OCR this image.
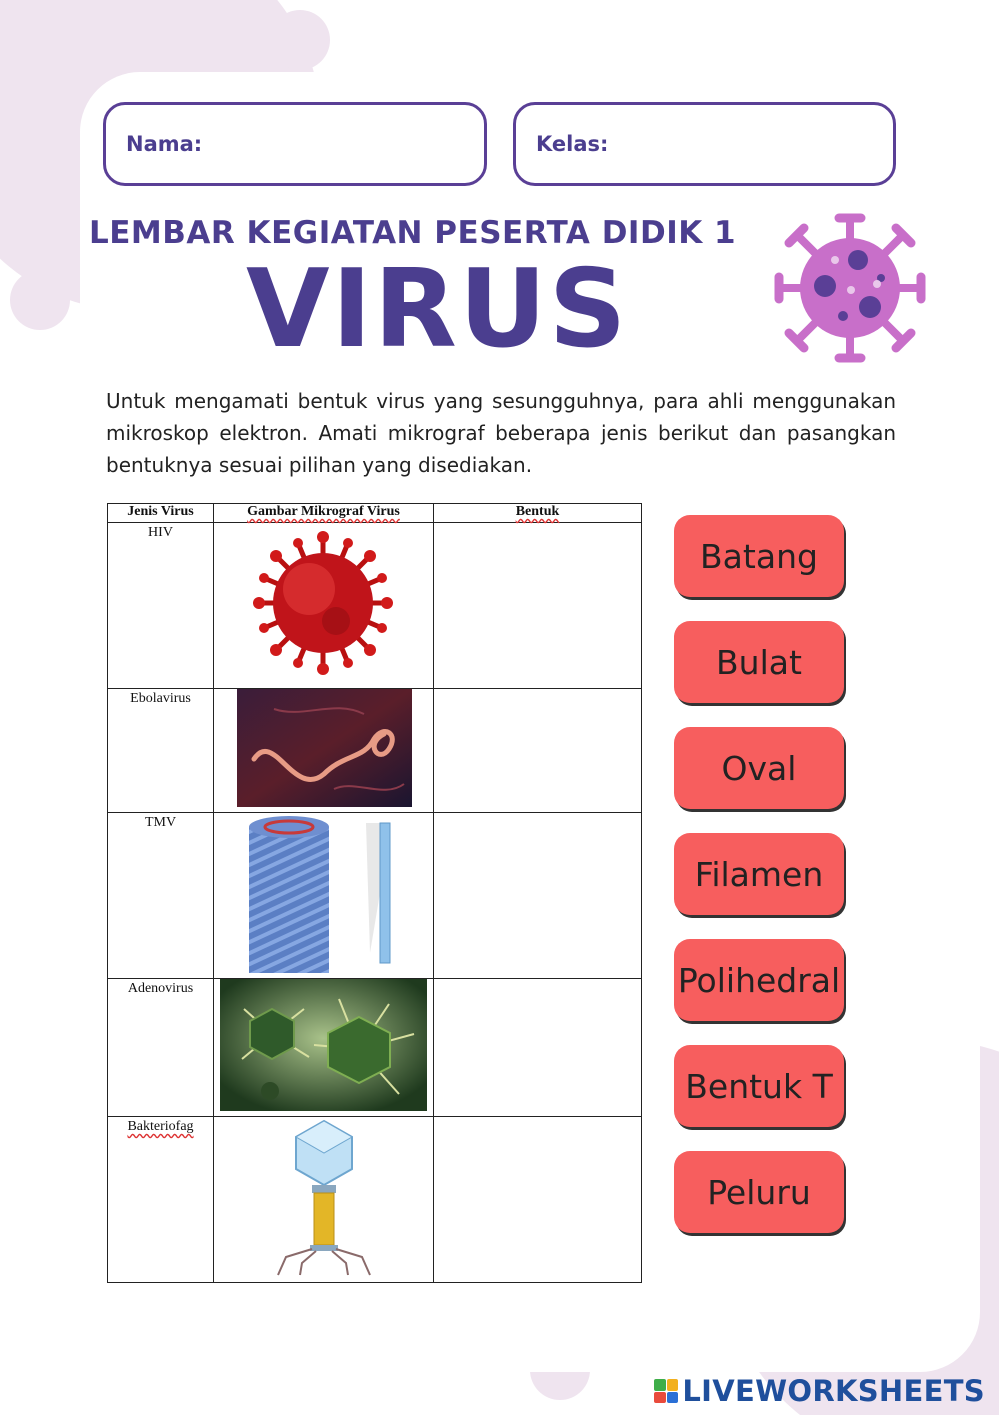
Nama:	Kelas:
LEMBAR KEGIATAN PESERTA DIDIK 1
VIRUS

Untuk mengamati bentuk virus yang sesungguhnya, para ahli menggunakan mikroskop elektron. Amati mikrograf beberapa jenis berikut dan pasangkan bentuknya sesuai pilihan yang disediakan.

Jenis Virus	Gambar Mikrograf Virus	Bentuk
HIV		

Ebolavirus		

TMV		

Adenovirus		

Bakteriofag		
Batang
Bulat
Oval
Filamen
Polihedral
Bentuk T
Peluru
LIVEWORKSHEETS
